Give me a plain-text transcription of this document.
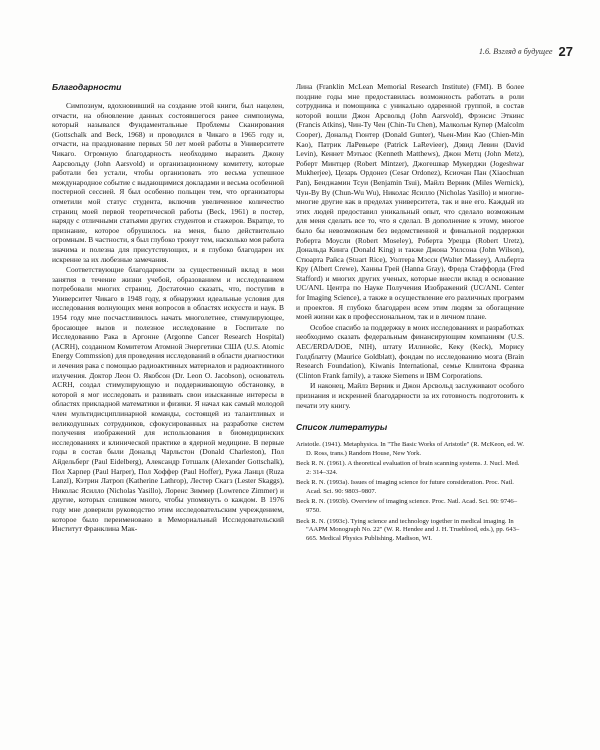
1.6. Взгляд в будущее 27
Благодарности

Симпозиум, вдохновивший на создание этой книги, был нацелен, отчасти, на обновление данных состоявшегося ранее симпозиума, который назывался Фундаментальные Проблемы Сканирования (Gottschalk and Beck, 1968) и проводился в Чикаго в 1965 году и, отчасти, на празднование первых 50 лет моей работы в Университете Чикаго. Огромную благодарность необходимо выразить Джону Аарсвольду (John Aarsvold) и организационному комитету, которые работали без устали, чтобы организовать это весьма успешное международное событие с выдающимися докладами и весьма особенной постерной сессией. Я был особенно польщен тем, что организаторы отметили мой статус студента, включив увеличенное количество страниц моей первой теоретической работы (Beck, 1961) в постер, наряду с отличными статьями других студентов и стажеров. Вкратце, то признание, которое обрушилось на меня, было действительно огромным. В частности, я был глубоко тронут тем, насколько моя работа значима и полезна для присутствующих, и я глубоко благодарен их искренне за их любезные замечания.

Соответствующие благодарности за существенный вклад в мои занятия в течение жизни учебой, образованием и исследованием потребовали многих страниц. Достаточно сказать, что, поступив в Университет Чикаго в 1948 году, я обнаружил идеальные условия для исследования волнующих меня вопросов в областях искусств и наук. В 1954 году мне посчастливилось начать многолетнее, стимулирующее, бросающее вызов и полезное исследование в Госпитале по Исследованию Рака в Аргонне (Argonne Cancer Research Hospital) (ACRH), созданном Комитетом Атомной Энергетики США (U.S. Atomic Energy Commssion) для проведения исследований в области диагностики и лечения рака с помощью радиоактивных материалов и радиоактивного излучения. Доктор Леон О. Якобсон (Dr. Leon O. Jacobson), основатель ACRH, создал стимулирующую и поддерживающую обстановку, в которой я мог исследовать и развивать свои изысканные интересы в областях прикладной математики и физики. Я начал как самый молодой член мультидисциплинарной команды, состоящей из талантливых и великодушных сотрудников, сфокусированных на разработке систем получения изображений для использования в биомедицинских исследованиях и клинической практике в ядерной медицине. В первые годы в состав были Дональд Чарльстон (Donald Charleston), Пол Айдельберг (Paul Eidelberg), Александр Готшалк (Alexander Gottschalk), Пол Харпер (Paul Harper), Пол Хоффер (Paul Hoffer), Ружа Ланцл (Ruza Lanzl), Кэтрин Латроп (Katherine Lathrop), Лестер Скагз (Lester Skaggs), Николас Ясилло (Nicholas Yasillo), Лоренс Зиммер (Lowrence Zimmer) и другие, которых слишком много, чтобы упомянуть о каждом. В 1976 году мне доверили руководство этим исследовательским учреждением, которое было переименовано в Мемориальный Исследовательский Институт Франклина Мак-

Лина (Franklin McLean Memorial Research Institute) (FMI). В более поздние годы мне предоставилась возможность работать в роли сотрудника и помощника с уникально одаренной группой, в состав которой вошли Джон Арсвольд (John Aarsvold), Фрэнсис Эткинс (Francis Atkins), Чин-Ту Чен (Chin-Tu Chen), Малкольм Купер (Malcolm Cooper), Дональд Гюнтер (Donald Gunter), Чьен-Мин Као (Chien-Min Kao), Патрик ЛаРевьере (Patrick LaRevieer), Дэвид Левин (David Levin), Кеннет Мэтьюс (Kenneth Matthews), Джон Метц (John Metz), Роберт Минтцер (Robert Mintzer), Джогешвар Мукерджи (Jogeshwar Mukherjee), Цезарь Ордонез (Cesar Ordonez), Ксиочан Пан (Xiaochuan Pan), Бенджамин Тсуи (Benjamin Tsui), Майлз Верник (Miles Wernick), Чун-Ву By (Chun-Wu Wu), Николас Ясилло (Nicholas Yasillo) и многие-многие другие как в пределах университета, так и вне его. Каждый из этих людей предоставил уникальный опыт, что сделало возможным для меня сделать все то, что я сделал. В дополнение к этому, многое было бы невозможным без ведомственной и финальной поддержки Роберта Моусли (Robert Moseley), Роберта Урецца (Robert Uretz), Дональда Кинга (Donald King) и также Джона Уилсона (John Wilson), Стюарта Райса (Stuart Rice), Уолтера Мэсси (Walter Massey), Альберта Кру (Albert Crewe), Ханны Грей (Hanna Gray), Фреда Стаффорда (Fred Stafford) и многих других ученых, которые внесли вклад в основание UC/ANL Центра по Науке Получения Изображений (UC/ANL Center for Imaging Science), а также в осуществление его различных программ и проектов. Я глубоко благодарен всем этим людям за обогащение моей жизни как в профессиональном, так и в личном плане.

Особое спасибо за поддержку в моих исследованиях и разработках необходимо сказать федеральным финансирующим компаниям (U.S. AEC/ERDA/DOE, NIH), штату Иллинойс, Кеку (Keck), Морису Голдблатту (Maurice Goldblatt), фондам по исследованию мозга (Brain Research Foundation), Kiwanis International, семье Клинтона Франка (Clinton Frank family), а также Siemens и IBM Corporations.

И наконец, Майлз Верник и Джон Арсвольд заслуживают особого признания и искренней благодарности за их готовность подготовить к печати эту книгу.

Список литературы
Aristotle. (1941). Metaphysica. In "The Basic Works of Aristotle" (R. McKeon, ed. W. D. Ross, trans.) Random House, New York.
Beck R. N. (1961). A theoretical evaluation of brain scanning systems. J. Nucl. Med. 2: 314–324.
Beck R. N. (1993a). Issues of imaging science for future consideration. Proc. Natl. Acad. Sci. 90: 9803–9807.
Beck R. N. (1993b). Overview of imaging science. Proc. Natl. Acad. Sci. 90: 9746–9750.
Beck R. N. (1993c). Tying science and technology together in medical imaging. In "AAPM Monograph No. 22" (W. R. Hendee and J. H. Trueblood, eds.), pp. 643–665. Medical Physics Publishing. Madison, WI.
